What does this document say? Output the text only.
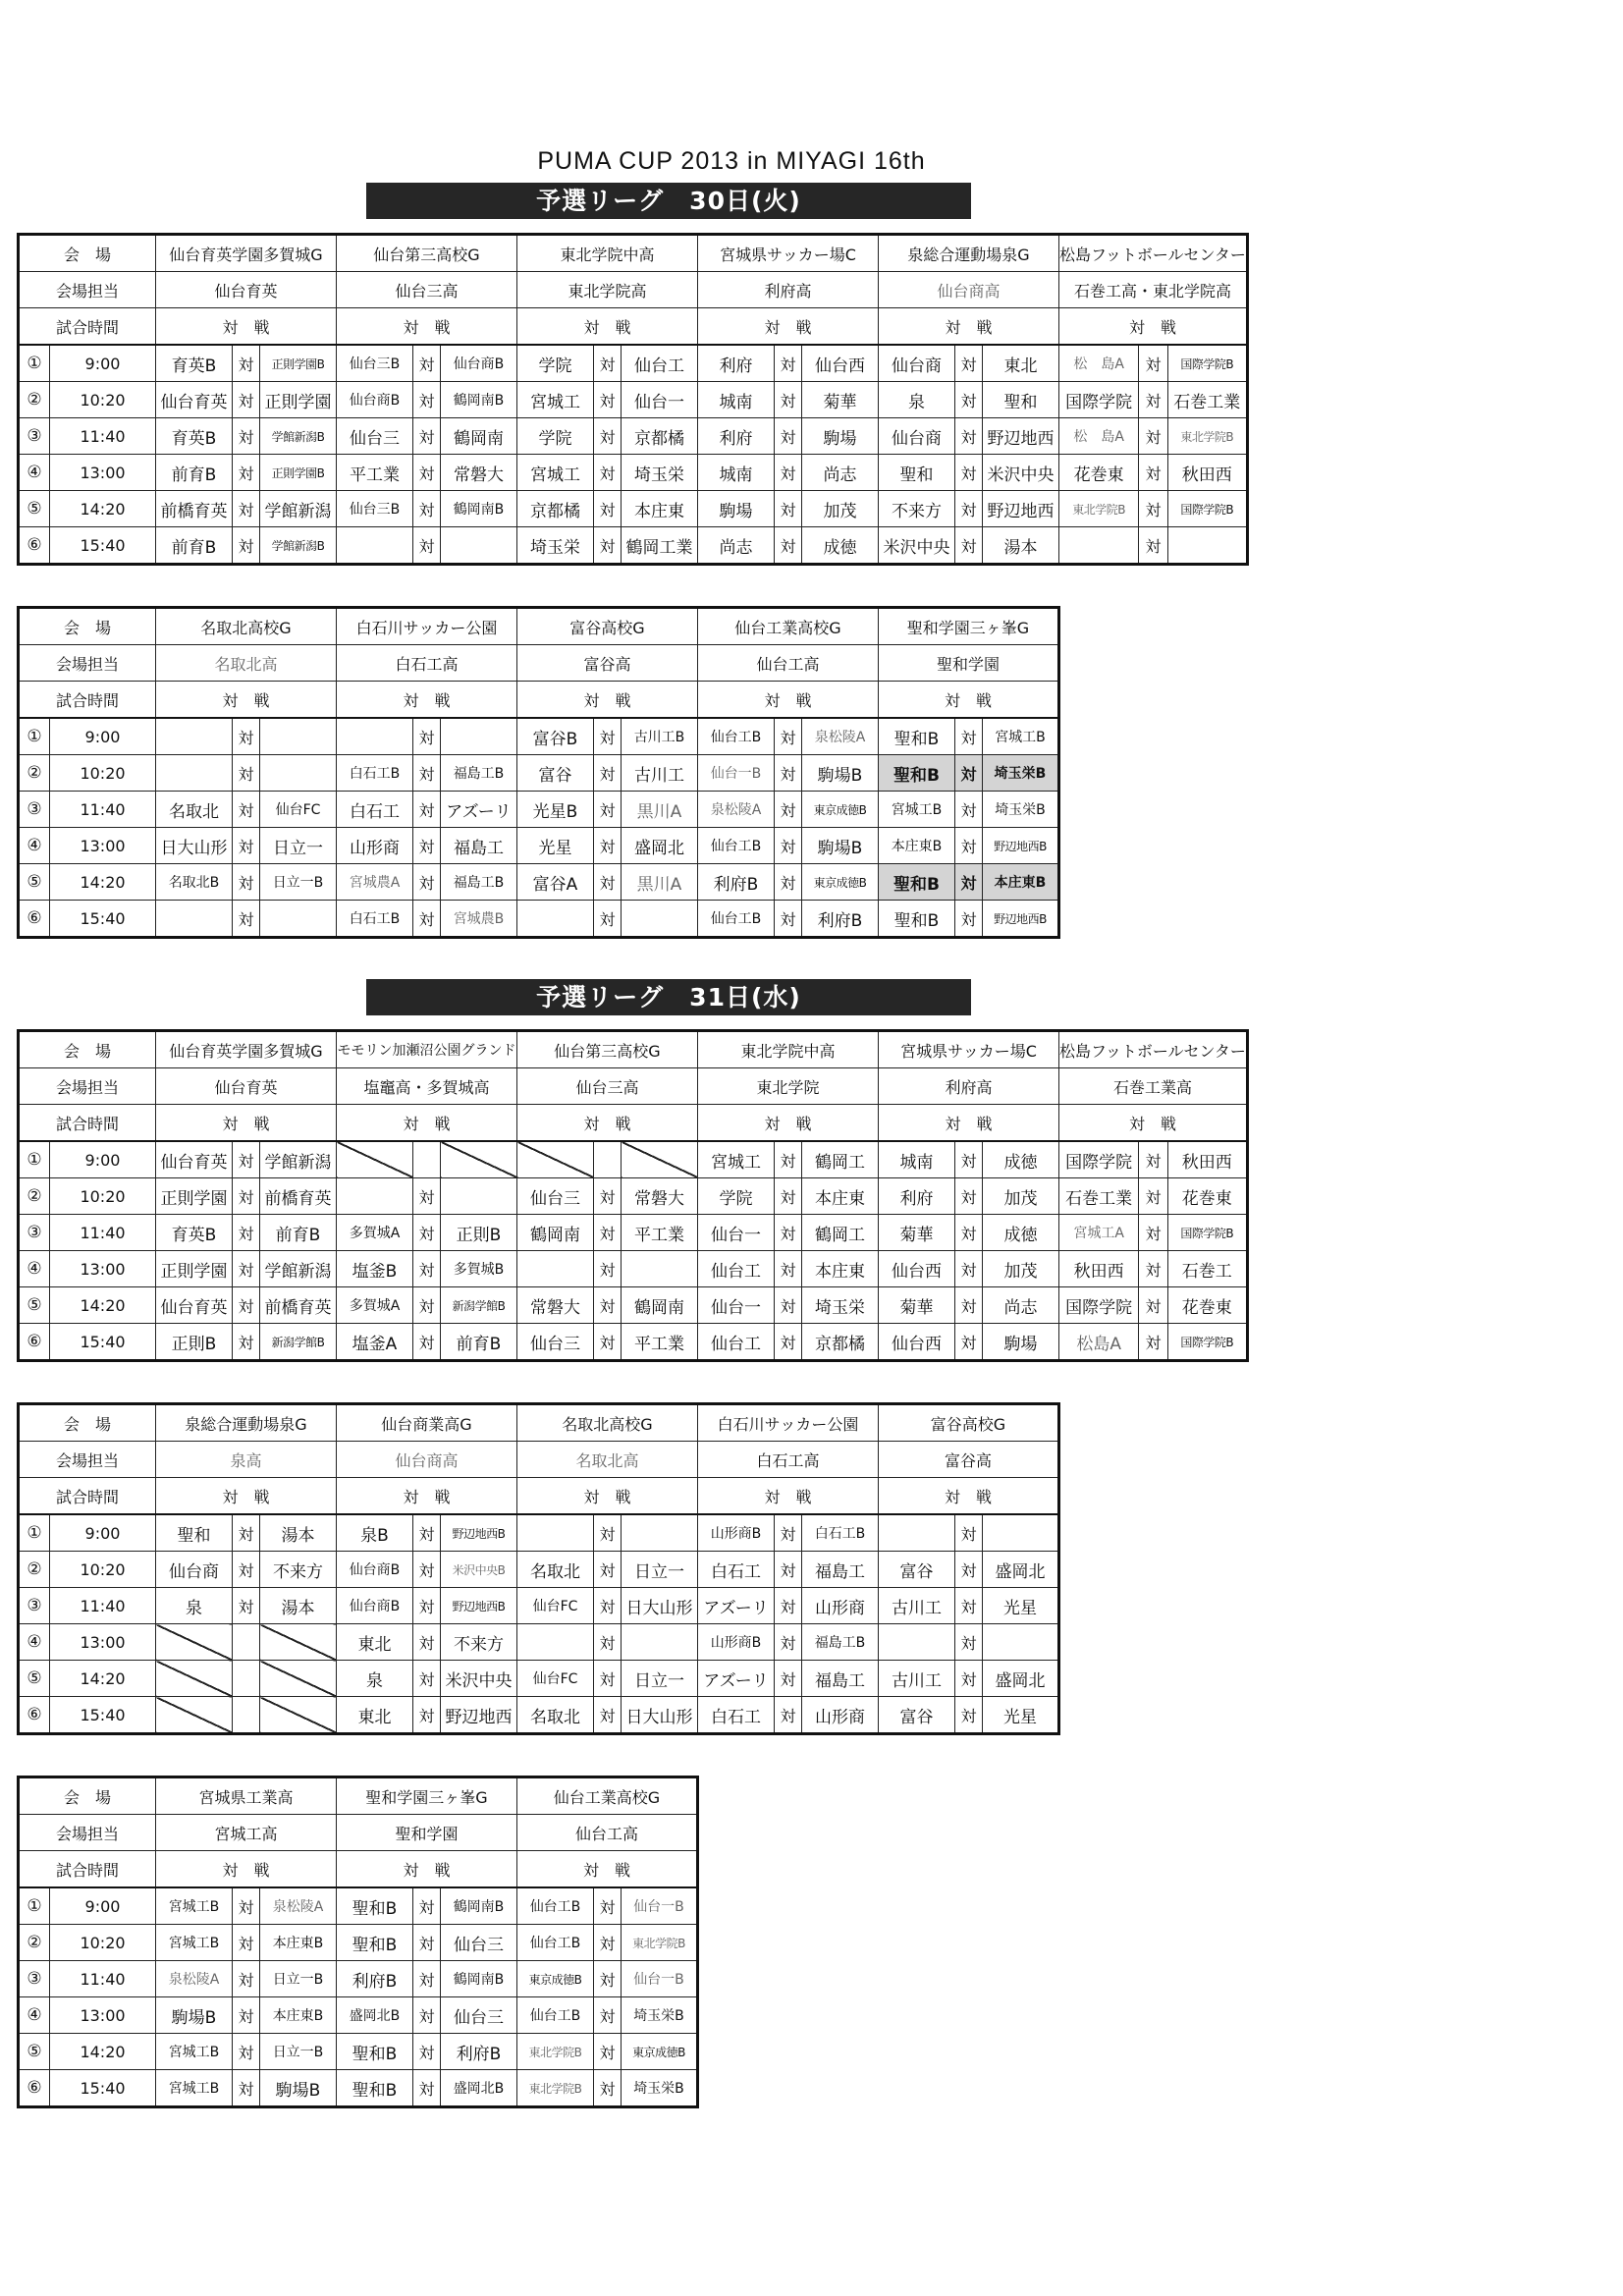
PUMA CUP 2013 in MIYAGI 16th
予選リーグ　30日(火)
会　場		仙台育英学園多賀城G			仙台第三高校G			東北学院中高			宮城県サッカー場C			泉総合運動場泉G			松島フットボールセンター		
会場担当		仙台育英			仙台三高			東北学院高			利府高			仙台商高			石巻工高・東北学院高		
試合時間		対　戦			対　戦			対　戦			対　戦			対　戦			対　戦		
①	9:00	育英B	対	正則学園B	仙台三B	対	仙台商B	学院	対	仙台工	利府	対	仙台西	仙台商	対	東北	松　島A	対	国際学院B
②	10:20	仙台育英	対	正則学園	仙台商B	対	鶴岡南B	宮城工	対	仙台一	城南	対	菊華	泉	対	聖和	国際学院	対	石巻工業
③	11:40	育英B	対	学館新潟B	仙台三	対	鶴岡南	学院	対	京都橘	利府	対	駒場	仙台商	対	野辺地西	松　島A	対	東北学院B
④	13:00	前育B	対	正則学園B	平工業	対	常磐大	宮城工	対	埼玉栄	城南	対	尚志	聖和	対	米沢中央	花巻東	対	秋田西
⑤	14:20	前橋育英	対	学館新潟	仙台三B	対	鶴岡南B	京都橘	対	本庄東	駒場	対	加茂	不来方	対	野辺地西	東北学院B	対	国際学院B
⑥	15:40	前育B	対	学館新潟B		対		埼玉栄	対	鶴岡工業	尚志	対	成徳	米沢中央	対	湯本		対	
会　場		名取北高校G			白石川サッカー公園			富谷高校G			仙台工業高校G			聖和学園三ヶ峯G		
会場担当		名取北高			白石工高			富谷高			仙台工高			聖和学園		
試合時間		対　戦			対　戦			対　戦			対　戦			対　戦		
①	9:00		対			対		富谷B	対	古川工B	仙台工B	対	泉松陵A	聖和B	対	宮城工B
②	10:20		対		白石工B	対	福島工B	富谷	対	古川工	仙台一B	対	駒場B	聖和B	対	埼玉栄B
③	11:40	名取北	対	仙台FC	白石工	対	アズーリ	光星B	対	黒川A	泉松陵A	対	東京成徳B	宮城工B	対	埼玉栄B
④	13:00	日大山形	対	日立一	山形商	対	福島工	光星	対	盛岡北	仙台工B	対	駒場B	本庄東B	対	野辺地西B
⑤	14:20	名取北B	対	日立一B	宮城農A	対	福島工B	富谷A	対	黒川A	利府B	対	東京成徳B	聖和B	対	本庄東B
⑥	15:40		対		白石工B	対	宮城農B		対		仙台工B	対	利府B	聖和B	対	野辺地西B
予選リーグ　31日(水)
会　場		仙台育英学園多賀城G			モモリン加瀬沼公園グランド			仙台第三高校G			東北学院中高			宮城県サッカー場C			松島フットボールセンター		
会場担当		仙台育英			塩竈高・多賀城高			仙台三高			東北学院			利府高			石巻工業高		
試合時間		対　戦			対　戦			対　戦			対　戦			対　戦			対　戦		
①	9:00	仙台育英	対	学館新潟							宮城工	対	鶴岡工	城南	対	成徳	国際学院	対	秋田西
②	10:20	正則学園	対	前橋育英		対		仙台三	対	常磐大	学院	対	本庄東	利府	対	加茂	石巻工業	対	花巻東
③	11:40	育英B	対	前育B	多賀城A	対	正則B	鶴岡南	対	平工業	仙台一	対	鶴岡工	菊華	対	成徳	宮城工A	対	国際学院B
④	13:00	正則学園	対	学館新潟	塩釜B	対	多賀城B		対		仙台工	対	本庄東	仙台西	対	加茂	秋田西	対	石巻工
⑤	14:20	仙台育英	対	前橋育英	多賀城A	対	新潟学館B	常磐大	対	鶴岡南	仙台一	対	埼玉栄	菊華	対	尚志	国際学院	対	花巻東
⑥	15:40	正則B	対	新潟学館B	塩釜A	対	前育B	仙台三	対	平工業	仙台工	対	京都橘	仙台西	対	駒場	松島A	対	国際学院B
会　場		泉総合運動場泉G			仙台商業高G			名取北高校G			白石川サッカー公園			富谷高校G		
会場担当		泉高			仙台商高			名取北高			白石工高			富谷高		
試合時間		対　戦			対　戦			対　戦			対　戦			対　戦		
①	9:00	聖和	対	湯本	泉B	対	野辺地西B		対		山形商B	対	白石工B		対	
②	10:20	仙台商	対	不来方	仙台商B	対	米沢中央B	名取北	対	日立一	白石工	対	福島工	富谷	対	盛岡北
③	11:40	泉	対	湯本	仙台商B	対	野辺地西B	仙台FC	対	日大山形	アズーリ	対	山形商	古川工	対	光星
④	13:00				東北	対	不来方		対		山形商B	対	福島工B		対	
⑤	14:20				泉	対	米沢中央	仙台FC	対	日立一	アズーリ	対	福島工	古川工	対	盛岡北
⑥	15:40				東北	対	野辺地西	名取北	対	日大山形	白石工	対	山形商	富谷	対	光星
会　場		宮城県工業高			聖和学園三ヶ峯G			仙台工業高校G		
会場担当		宮城工高			聖和学園			仙台工高		
試合時間		対　戦			対　戦			対　戦		
①	9:00	宮城工B	対	泉松陵A	聖和B	対	鶴岡南B	仙台工B	対	仙台一B
②	10:20	宮城工B	対	本庄東B	聖和B	対	仙台三	仙台工B	対	東北学院B
③	11:40	泉松陵A	対	日立一B	利府B	対	鶴岡南B	東京成徳B	対	仙台一B
④	13:00	駒場B	対	本庄東B	盛岡北B	対	仙台三	仙台工B	対	埼玉栄B
⑤	14:20	宮城工B	対	日立一B	聖和B	対	利府B	東北学院B	対	東京成徳B
⑥	15:40	宮城工B	対	駒場B	聖和B	対	盛岡北B	東北学院B	対	埼玉栄B
